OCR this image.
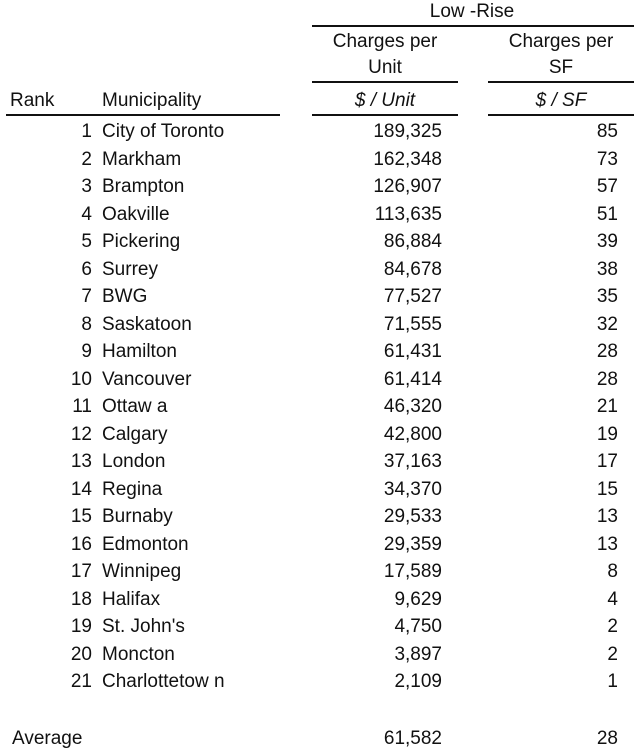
Low -Rise
Charges per
Unit
Charges per
SF
Rank	Municipality	$ / Unit	$ / SF
1 City of Toronto	189,325	85
2 Markham	162,348	73
3 Brampton	126,907	57
4 Oakville	113,635	51
5 Pickering	86,884	39
6 Surrey	84,678	38
7 BWG	77,527	35
8 Saskatoon	71,555	32
9 Hamilton	61,431	28
10 Vancouver	61,414	28
11 Ottaw a	46,320	21
12 Calgary	42,800	19
13 London	37,163	17
14 Regina	34,370	15
15 Burnaby	29,533	13
16 Edmonton	29,359	13
17 Winnipeg	17,589	8
18 Halifax	9,629	4
19 St. John's	4,750	2
20 Moncton	3,897	2
21 Charlottetow n	2,109	1
Average	61,582	28
